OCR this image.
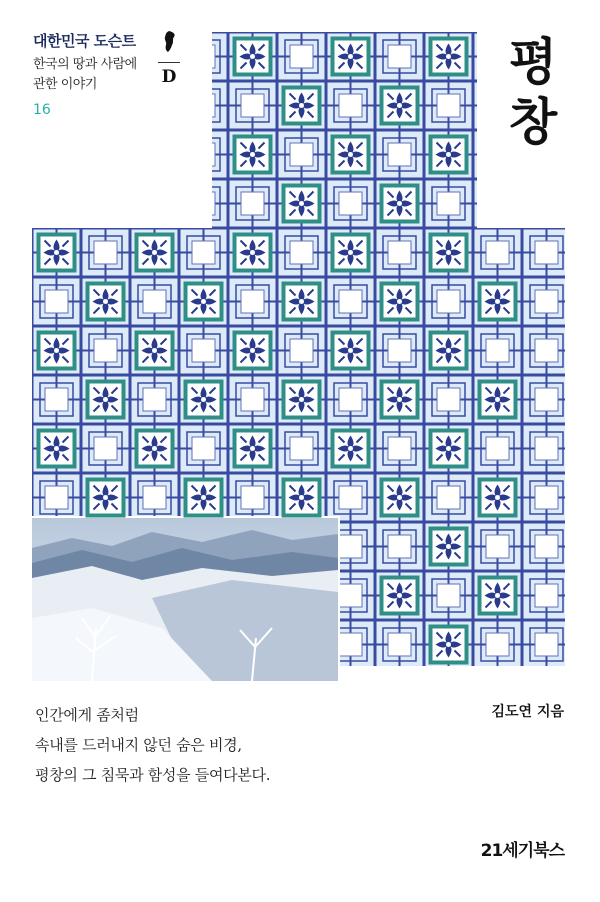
대한민국 도슨트
한국의 땅과 사람에
관한 이야기
16
D	평
창
인간에게 좀처럼
속내를 드러내지 않던 숨은 비경,
평창의 그 침묵과 함성을 들여다본다.
김도연 지음
21세기북스
